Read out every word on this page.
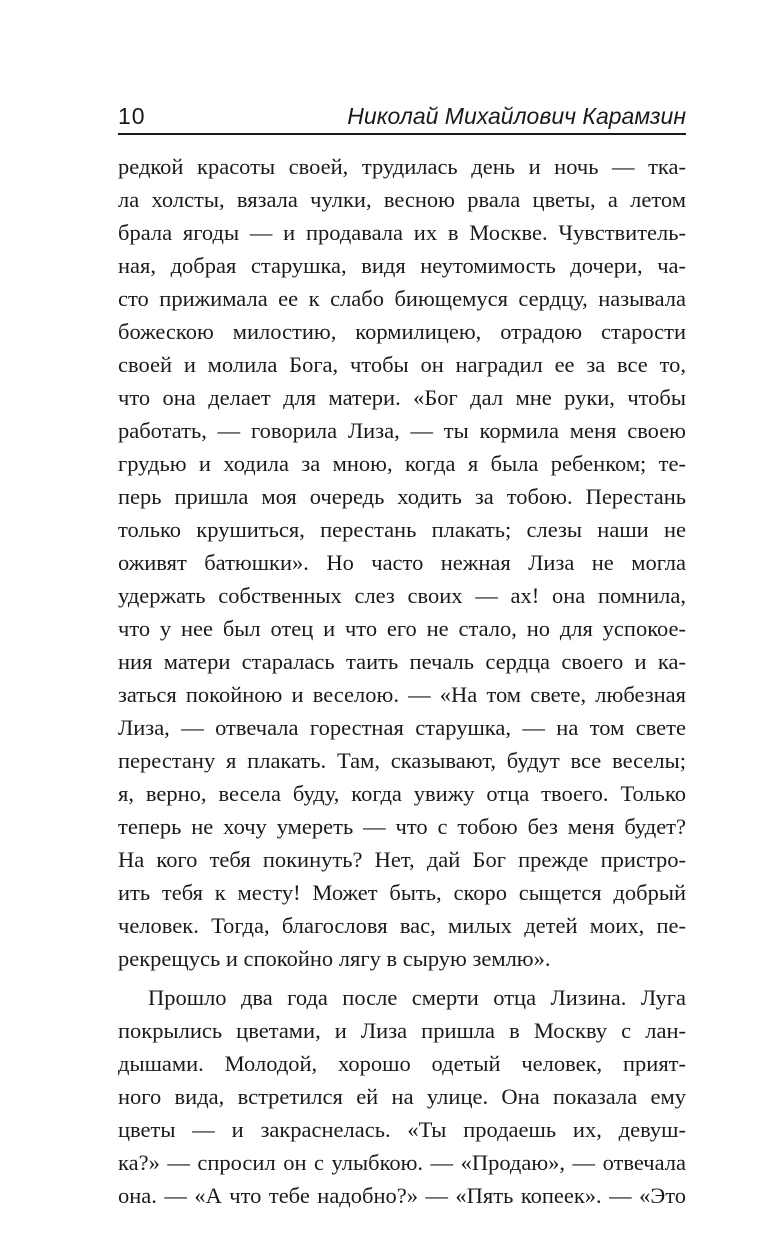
10	Николай Михайлович Карамзин
редкой красоты своей, трудилась день и ночь — тка-
ла холсты, вязала чулки, весною рвала цветы, а летом
брала ягоды — и продавала их в Москве. Чувствитель-
ная, добрая старушка, видя неутомимость дочери, ча-
сто прижимала ее к слабо биющемуся сердцу, называла
божескою милостию, кормилицею, отрадою старости
своей и молила Бога, чтобы он наградил ее за все то,
что она делает для матери. «Бог дал мне руки, чтобы
работать, — говорила Лиза, — ты кормила меня своею
грудью и ходила за мною, когда я была ребенком; те-
перь пришла моя очередь ходить за тобою. Перестань
только крушиться, перестань плакать; слезы наши не
оживят батюшки». Но часто нежная Лиза не могла
удержать собственных слез своих — ах! она помнила,
что у нее был отец и что его не стало, но для успокое-
ния матери старалась таить печаль сердца своего и ка-
заться покойною и веселою. — «На том свете, любезная
Лиза, — отвечала горестная старушка, — на том свете
перестану я плакать. Там, сказывают, будут все веселы;
я, верно, весела буду, когда увижу отца твоего. Только
теперь не хочу умереть — что с тобою без меня будет?
На кого тебя покинуть? Нет, дай Бог прежде пристро-
ить тебя к месту! Может быть, скоро сыщется добрый
человек. Тогда, благословя вас, милых детей моих, пе-
рекрещусь и спокойно лягу в сырую землю».
Прошло два года после смерти отца Лизина. Луга
покрылись цветами, и Лиза пришла в Москву с лан-
дышами. Молодой, хорошо одетый человек, прият-
ного вида, встретился ей на улице. Она показала ему
цветы — и закраснелась. «Ты продаешь их, девуш-
ка?» — спросил он с улыбкою. — «Продаю», — отвечала
она. — «А что тебе надобно?» — «Пять копеек». — «Это
